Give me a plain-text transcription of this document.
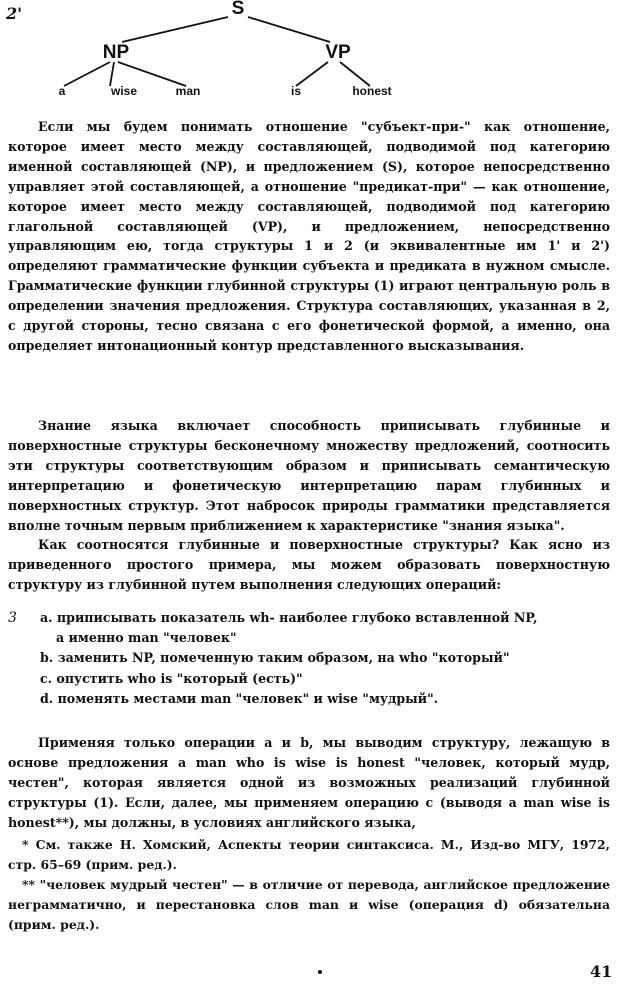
2'	S
NP	VP
a	wise	man	is	honest

Если мы будем понимать отношение "субъект-при-" как отношение, которое имеет место между составляющей, подводимой под категорию именной составляющей (NP), и предложением (S), которое непосредственно управляет этой составляющей, а отношение "предикат-при" — как отношение, которое имеет место между составляющей, подводимой под категорию глагольной составляющей (VP), и предложением, непосредственно управляющим ею, тогда структуры 1 и 2 (и эквивалентные им 1' и 2') определяют грамматические функции субъекта и предиката в нужном смысле. Грамматические функции глубинной структуры (1) играют центральную роль в определении значения предложения. Структура составляющих, указанная в 2, с другой стороны, тесно связана с его фонетической формой, а именно, она определяет интонационный контур представленного высказывания.

Знание языка включает способность приписывать глубинные и поверхностные структуры бесконечному множеству предложений, соотносить эти структуры соответствующим образом и приписывать семантическую интерпретацию и фонетическую интерпретацию парам глубинных и поверхностных структур. Этот набросок природы грамматики представляется вполне точным первым приближением к характеристике "знания языка".

Как соотносятся глубинные и поверхностные структуры? Как ясно из приведенного простого примера, мы можем образовать поверхностную структуру из глубинной путем выполнения следующих операций:

3	a. приписывать показатель wh- наиболее глубоко вставленной NP,
а именно man "человек"
b. заменить NP, помеченную таким образом, на who "который"
c. опустить who is "который (есть)"
d. поменять местами man "человек" и wise "мудрый".

Применяя только операции a и b, мы выводим структуру, лежащую в основе предложения a man who is wise is honest "человек, который мудр, честен", которая является одной из возможных реализаций глубинной структуры (1). Если, далее, мы применяем операцию c (выводя a man wise is honest**), мы должны, в условиях английского языка,

* См. также Н. Хомский, Аспекты теории синтаксиса. М., Изд-во МГУ, 1972, стр. 65–69 (прим. ред.).

** "человек мудрый честен" — в отличие от перевода, английское предложение неграмматично, и перестановка слов man и wise (операция d) обязательна (прим. ред.).

41
